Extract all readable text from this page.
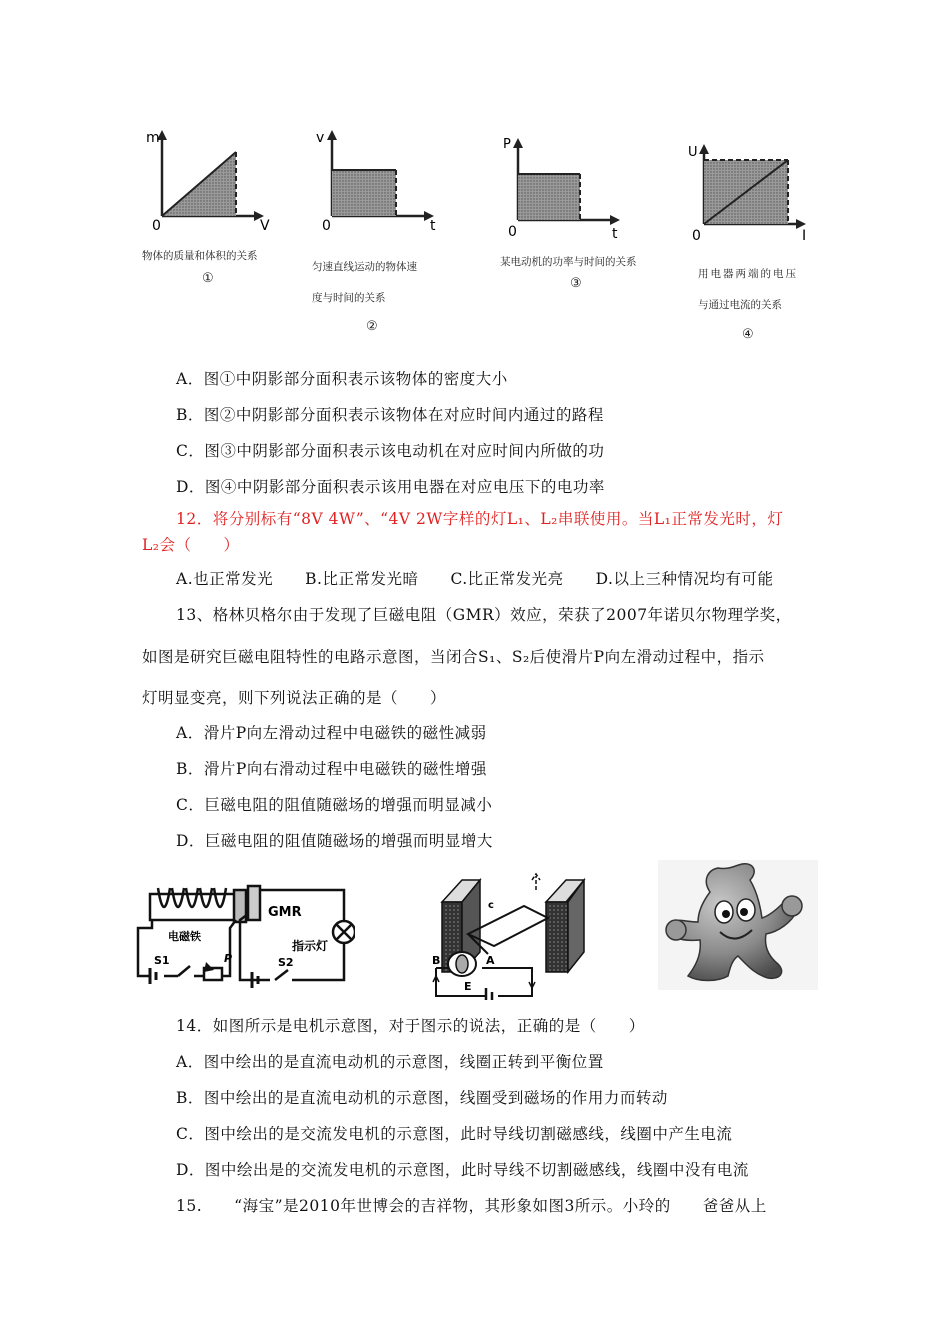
m
0	V
v
0	t
P
0	t
U
0	I
物体的质量和体积的关系
①
匀速直线运动的物体速
度与时间的关系
②
某电动机的功率与时间的关系
③
用电器两端的电压
与通过电流的关系
④
A．图①中阴影部分面积表示该物体的密度大小
B．图②中阴影部分面积表示该物体在对应时间内通过的路程
C．图③中阴影部分面积表示该电动机在对应时间内所做的功
D．图④中阴影部分面积表示该用电器在对应电压下的电功率
12．将分别标有“8V 4W”、“4V 2W字样的灯L₁、L₂串联使用。当L₁正常发光时，灯
L₂会（　　）
A.也正常发光　　B.比正常发光暗　　C.比正常发光亮　　D.以上三种情况均有可能
13、格林贝格尔由于发现了巨磁电阻（GMR）效应，荣获了2007年诺贝尔物理学奖，
如图是研究巨磁电阻特性的电路示意图，当闭合S₁、S₂后使滑片P向左滑动过程中，指示
灯明显变亮，则下列说法正确的是（　　）
A．滑片P向左滑动过程中电磁铁的磁性减弱
B．滑片P向右滑动过程中电磁铁的磁性增强
C．巨磁电阻的阻值随磁场的增强而明显减小
D．巨磁电阻的阻值随磁场的增强而明显增大
GMR
电磁铁
指示灯
S1	S2
P	B	A
E
c
14．如图所示是电机示意图，对于图示的说法，正确的是（　　）
A．图中绘出的是直流电动机的示意图，线圈正转到平衡位置
B．图中绘出的是直流电动机的示意图，线圈受到磁场的作用力而转动
C．图中绘出的是交流发电机的示意图，此时导线切割磁感线，线圈中产生电流
D．图中绘出是的交流发电机的示意图，此时导线不切割磁感线，线圈中没有电流
15.　　“海宝”是2010年世博会的吉祥物，其形象如图3所示。小玲的　　爸爸从上
